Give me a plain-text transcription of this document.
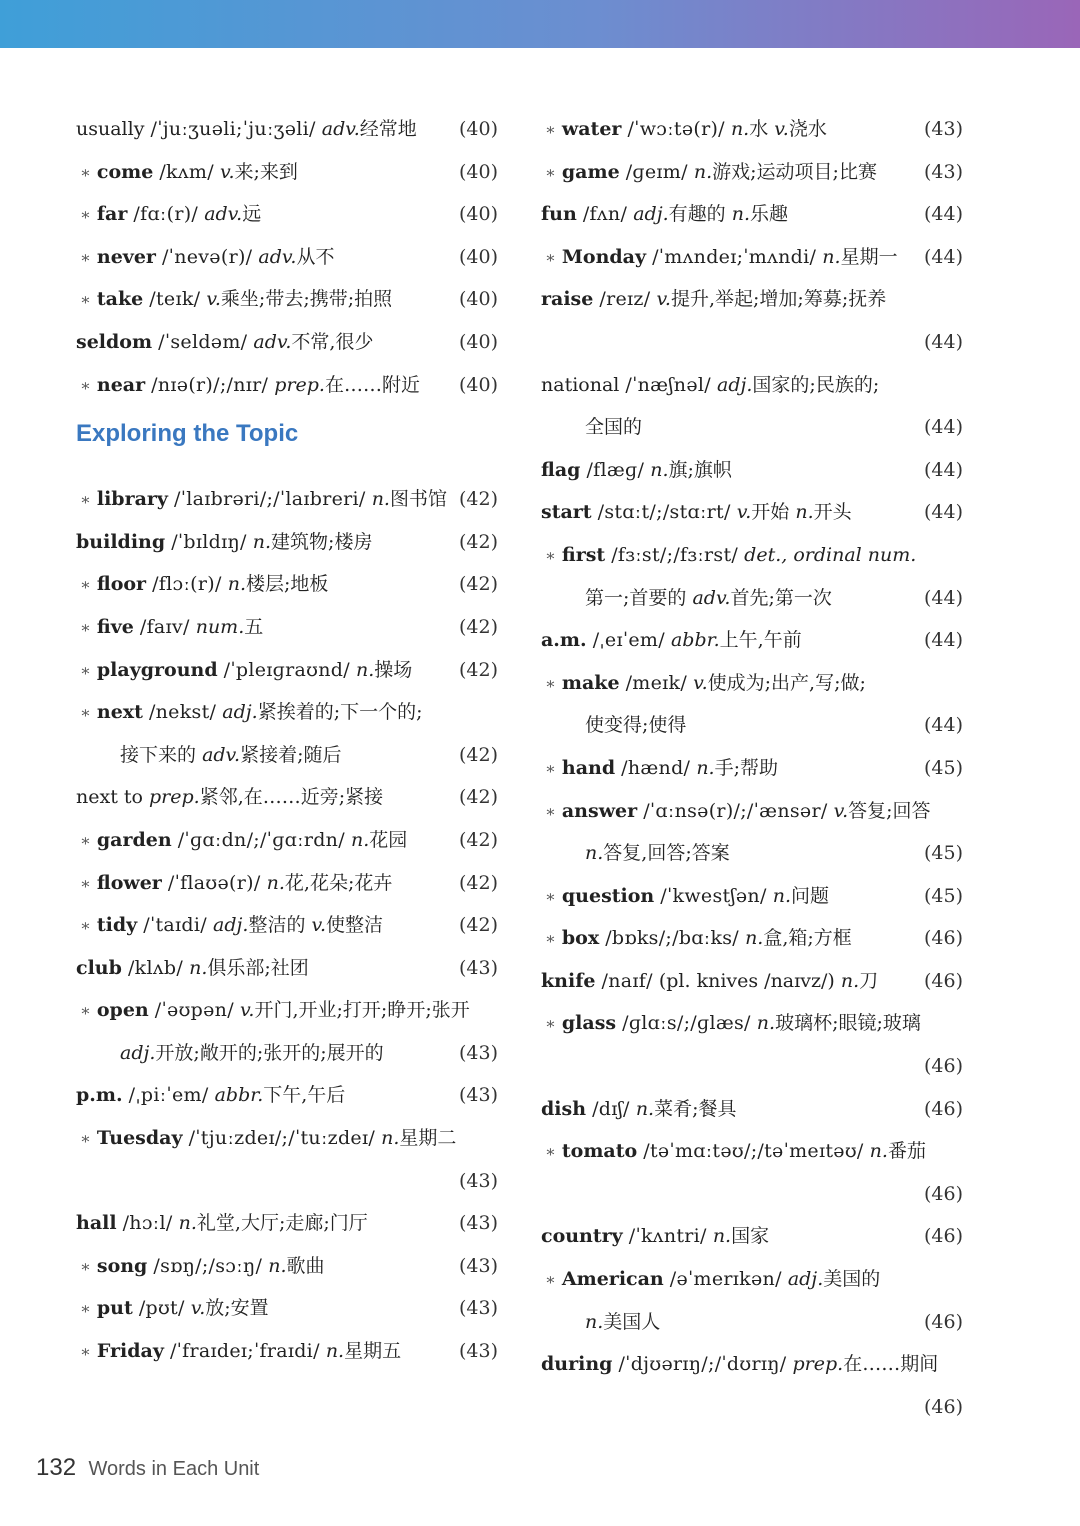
usually /ˈjuːʒuəli;ˈjuːʒəli/ adv.经常地 (40)
∗ come /kʌm/ v.来;来到	(40)
∗ far /fɑː(r)/ adv.远	(40)
∗ never /ˈnevə(r)/ adv.从不	(40)
∗ take /teɪk/ v.乘坐;带去;携带;拍照	(40)
seldom /ˈseldəm/ adv.不常,很少	(40)
∗ near /nɪə(r)/;/nɪr/ prep.在……附近 (40)
Exploring the Topic
∗ library /ˈlaɪbrəri/;/ˈlaɪbreri/ n.图书馆 (42)
building /ˈbɪldɪŋ/ n.建筑物;楼房	(42)
∗ floor /flɔː(r)/ n.楼层;地板	(42)
∗ five /faɪv/ num.五	(42)
∗ playground /ˈpleɪɡraʊnd/ n.操场 (42)
∗ next /nekst/ adj.紧挨着的;下一个的;
接下来的 adv.紧接着;随后	(42)
next to prep.紧邻,在……近旁;紧接	(42)
∗ garden /ˈɡɑːdn/;/ˈɡɑːrdn/ n.花园	(42)
∗ flower /ˈflaʊə(r)/ n.花,花朵;花卉	(42)
∗ tidy /ˈtaɪdi/ adj.整洁的 v.使整洁	(42)
club /klʌb/ n.俱乐部;社团	(43)
∗ open /ˈəʊpən/ v.开门,开业;打开;睁开;张开
adj.开放;敞开的;张开的;展开的	(43)
p.m. /ˌpiːˈem/ abbr.下午,午后	(43)
∗ Tuesday /ˈtjuːzdeɪ/;/ˈtuːzdeɪ/ n.星期二
(43)
hall /hɔːl/ n.礼堂,大厅;走廊;门厅	(43)
∗ song /sɒŋ/;/sɔːŋ/ n.歌曲	(43)
∗ put /pʊt/ v.放;安置	(43)
∗ Friday /ˈfraɪdeɪ;ˈfraɪdi/ n.星期五	(43)
∗ water /ˈwɔːtə(r)/ n.水 v.浇水	(43)
∗ game /ɡeɪm/ n.游戏;运动项目;比赛 (43)
fun /fʌn/ adj.有趣的 n.乐趣	(44)
∗ Monday /ˈmʌndeɪ;ˈmʌndi/ n.星期一 (44)
raise /reɪz/ v.提升,举起;增加;筹募;抚养
(44)
national /ˈnæʃnəl/ adj.国家的;民族的;
全国的	(44)
flag /flæɡ/ n.旗;旗帜	(44)
start /stɑːt/;/stɑːrt/ v.开始 n.开头	(44)
∗ first /fɜːst/;/fɜːrst/ det., ordinal num.
第一;首要的 adv.首先;第一次	(44)
a.m. /ˌeɪˈem/ abbr.上午,午前	(44)
∗ make /meɪk/ v.使成为;出产,写;做;
使变得;使得	(44)
∗ hand /hænd/ n.手;帮助	(45)
∗ answer /ˈɑːnsə(r)/;/ˈænsər/ v.答复;回答
n.答复,回答;答案	(45)
∗ question /ˈkwestʃən/ n.问题	(45)
∗ box /bɒks/;/bɑːks/ n.盒,箱;方框	(46)
knife /naɪf/ (pl. knives /naɪvz/) n.刀 (46)
∗ glass /ɡlɑːs/;/ɡlæs/ n.玻璃杯;眼镜;玻璃
(46)
dish /dɪʃ/ n.菜肴;餐具	(46)
∗ tomato /təˈmɑːtəʊ/;/təˈmeɪtəʊ/ n.番茄
(46)
country /ˈkʌntri/ n.国家	(46)
∗ American /əˈmerɪkən/ adj.美国的
n.美国人	(46)
during /ˈdjʊərɪŋ/;/ˈdʊrɪŋ/ prep.在……期间
(46)
132 Words in Each Unit
